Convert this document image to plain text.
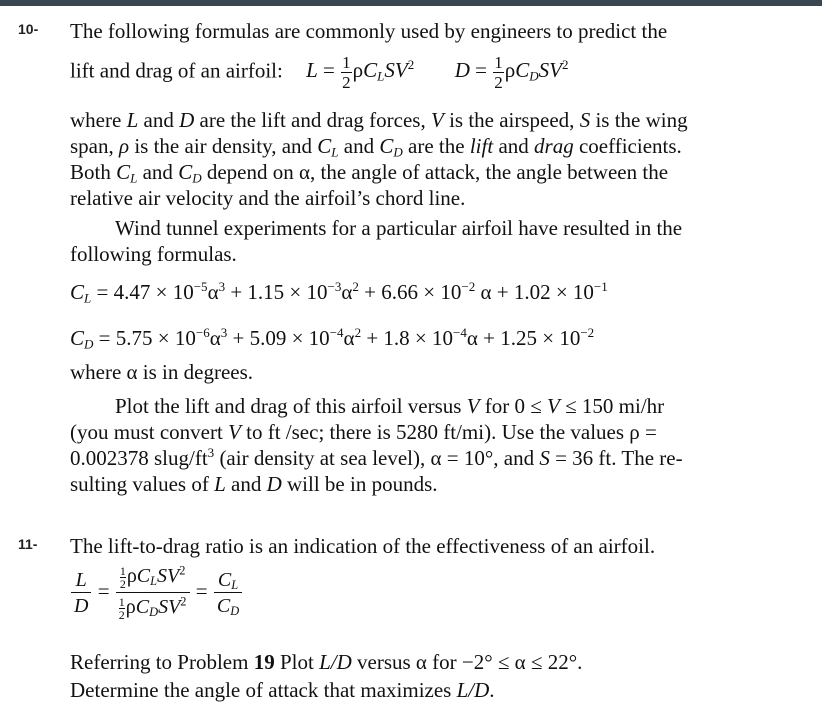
10- The following formulas are commonly used by engineers to predict the
lift and drag of an airfoil: $L = \frac{1}{2} \rho C_LSV^2$ $D = \frac{1}{2} \rho C_DSV^2$
where L and D are the lift and drag forces, V is the airspeed, S is the wing
span, ρ is the air density, and $C_L$ and $C_D$ are the lift and drag coefficients.
Both $C_L$ and $C_D$ depend on α, the angle of attack, the angle between the
relative air velocity and the airfoil’s chord line.
Wind tunnel experiments for a particular airfoil have resulted in the
following formulas.
$C_L = 4.47 \times 10^{-5}\alpha^3 + 1.15 \times 10^{-3}\alpha^2 + 6.66 \times 10^{-2}$ $\alpha + 1.02 \times 10^{-1}$
$C_D = 5.75 \times 10^{-6}\alpha^3 + 5.09 \times 10^{-4}\alpha^2 + 1.8 \times 10^{-4}\alpha + 1.25 \times 10^{-2}$
where α is in degrees.
Plot the lift and drag of this airfoil versus V for 0 ≤ V ≤ 150 mi/hr
(you must convert V to ft /sec; there is 5280 ft/mi). Use the values ρ =
0.002378 slug/$ft^3$ (air density at sea level), α = 10°, and S = 36 ft. The re-
sulting values of L and D will be in pounds.
11- The lift-to-drag ratio is an indication of the effectiveness of an airfoil.
$\frac{L}{D} = \frac{\frac{1}{2} \rho C_LSV^2}{\frac{1}{2} \rho C_DSV^2} = \frac{C_L}{C_D}$
Referring to Problem 19 Plot L/D versus α for −2° ≤ α ≤ 22°.
Determine the angle of attack that maximizes L/D.
